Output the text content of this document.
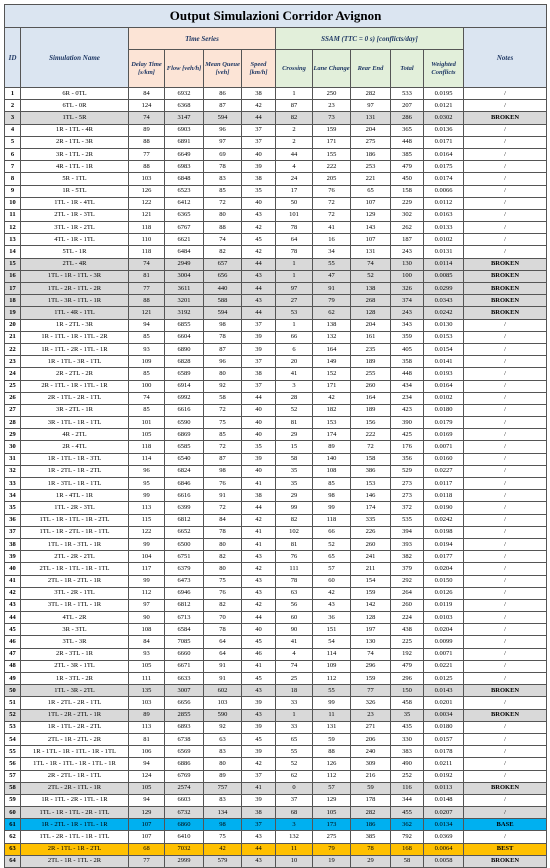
Output Simulazioni Corridor Avignon											
ID	Simulation Name	Time Series				SSAM (TTC = 0 s) [conflicts/day]					Notes
		Delay Time [s/km]	Flow [veh/h]	Mean Queue [veh]	Speed [km/h]	Crossing	Lane Change	Rear End	Total	Weighted Conflicts	
1	6R - 0TL	84	6932	86	38	1	250	282	533	0.0195	/
2	6TL - 0R	124	6368	87	42	87	23	97	207	0.0121	/
3	1TL - 5R	74	3147	594	44	82	73	131	286	0.0302	BROKEN
4	1R - 1TL - 4R	89	6903	96	37	2	159	204	365	0.0136	/
5	2R - 1TL - 3R	88	6891	97	37	2	171	275	448	0.0171	/
6	3R - 1TL - 2R	77	6649	69	40	44	155	186	385	0.0164	/
7	4R - 1TL - 1R	88	6983	78	39	4	222	253	479	0.0175	/
8	5R - 1TL	103	6848	83	38	24	205	221	450	0.0174	/
9	1R - 5TL	126	6523	85	35	17	76	65	158	0.0066	/
10	1TL - 1R - 4TL	122	6412	72	40	50	72	107	229	0.0112	/
11	2TL - 1R - 3TL	121	6365	80	43	101	72	129	302	0.0163	/
12	3TL - 1R - 2TL	118	6767	88	42	78	41	143	262	0.0133	/
13	4TL - 1R - 1TL	110	6621	74	45	64	16	107	187	0.0102	/
14	5TL - 1R	118	6484	82	42	78	34	131	243	0.0131	/
15	2TL - 4R	74	2949	657	44	1	55	74	130	0.0114	BROKEN
16	1TL - 1R - 1TL - 3R	81	3004	656	43	1	47	52	100	0.0085	BROKEN
17	1TL - 2R - 1TL - 2R	77	3611	440	44	97	91	138	326	0.0299	BROKEN
18	1TL - 3R - 1TL - 1R	88	3201	588	43	27	79	268	374	0.0343	BROKEN
19	1TL - 4R - 1TL	121	3192	594	44	53	62	128	243	0.0242	BROKEN
20	1R - 2TL - 3R	94	6855	98	37	1	138	204	343	0.0130	/
21	1R - 1TL - 1R - 1TL - 2R	85	6604	78	39	66	132	161	359	0.0153	/
22	1R - 1TL - 2R - 1TL - 1R	93	6890	87	39	6	164	235	405	0.0154	/
23	1R - 1TL - 3R - 1TL	109	6828	96	37	20	149	189	358	0.0141	/
24	2R - 2TL - 2R	85	6589	80	38	41	152	255	448	0.0193	/
25	2R - 1TL - 1R - 1TL - 1R	100	6914	92	37	3	171	260	434	0.0164	/
26	2R - 1TL - 2R - 1TL	74	6992	58	44	28	42	164	234	0.0102	/
27	3R - 2TL - 1R	85	6616	72	40	52	182	189	423	0.0180	/
28	3R - 1TL - 1R - 1TL	101	6590	75	40	81	153	156	390	0.0179	/
29	4R - 2TL	105	6869	85	40	29	174	222	425	0.0169	/
30	2R - 4TL	118	6585	72	35	15	89	72	176	0.0071	/
31	1R - 1TL - 1R - 3TL	114	6540	87	39	58	140	158	356	0.0160	/
32	1R - 2TL - 1R - 2TL	96	6824	98	40	35	108	386	529	0.0227	/
33	1R - 3TL - 1R - 1TL	95	6846	76	41	35	85	153	273	0.0117	/
34	1R - 4TL - 1R	99	6616	91	38	29	98	146	273	0.0118	/
35	1TL - 2R - 3TL	113	6399	72	44	99	99	174	372	0.0190	/
36	1TL - 1R - 1TL - 1R - 2TL	115	6812	84	42	82	118	335	535	0.0242	/
37	1TL - 1R - 2TL - 1R - 1TL	122	6652	78	41	102	66	226	394	0.0198	/
38	1TL - 1R - 3TL - 1R	99	6500	80	41	81	52	260	393	0.0194	/
39	2TL - 2R - 2TL	104	6751	82	43	76	65	241	382	0.0177	/
40	2TL - 1R - 1TL - 1R - 1TL	117	6379	80	42	111	57	211	379	0.0204	/
41	2TL - 1R - 2TL - 1R	99	6473	75	43	78	60	154	292	0.0150	/
42	3TL - 2R - 1TL	112	6946	76	43	63	42	159	264	0.0126	/
43	3TL - 1R - 1TL - 1R	97	6812	82	42	56	43	142	260	0.0119	/
44	4TL - 2R	90	6713	70	44	60	36	128	224	0.0103	/
45	3R - 3TL	108	6584	78	40	90	151	197	438	0.0204	/
46	3TL - 3R	84	7085	64	45	41	54	130	225	0.0099	/
47	2R - 3TL - 1R	93	6660	64	46	4	114	74	192	0.0071	/
48	2TL - 3R - 1TL	105	6671	91	41	74	109	296	479	0.0221	/
49	1R - 3TL - 2R	111	6633	91	45	25	112	159	296	0.0125	/
50	1TL - 3R - 2TL	135	3007	602	43	18	55	77	150	0.0143	BROKEN
51	1R - 2TL - 2R - 1TL	103	6656	103	39	33	99	326	458	0.0201	/
52	1TL - 2R - 2TL - 1R	89	2855	590	43	1	11	23	35	0.0034	BROKEN
53	1R - 1TL - 2R - 2TL	113	6893	92	39	33	131	271	435	0.0180	/
54	2TL - 1R - 2TL - 2R	81	6738	63	45	65	59	206	330	0.0157	/
55	1R - 1TL - 1R - 1TL - 1R - 1TL	106	6569	83	39	55	88	240	383	0.0178	/
56	1TL - 1R - 1TL - 1R - 1TL - 1R	94	6886	80	42	52	126	309	490	0.0211	/
57	2R - 2TL - 1R - 1TL	124	6769	89	37	62	112	216	252	0.0192	/
58	2TL - 2R - 1TL - 1R	105	2574	757	41	0	57	59	116	0.0113	BROKEN
59	1R - 1TL - 2R - 1TL - 1R	94	6603	83	39	37	129	178	344	0.0148	/
60	1TL - 1R - 1TL - 2R - 1TL	129	6732	134	38	68	105	282	455	0.0207	/
61	1R - 2TL - 1R - 1TL - 1R	107	6860	98	37	3	173	186	362	0.0134	BASE
62	1TL - 2R - 1TL - 1R - 1TL	107	6410	75	43	132	275	385	792	0.0369	/
63	2R - 1TL - 1R - 2TL	68	7032	42	44	11	79	78	168	0.0064	BEST
64	2TL - 1R - 1TL - 2R	77	2999	579	43	10	19	29	58	0.0058	BROKEN
